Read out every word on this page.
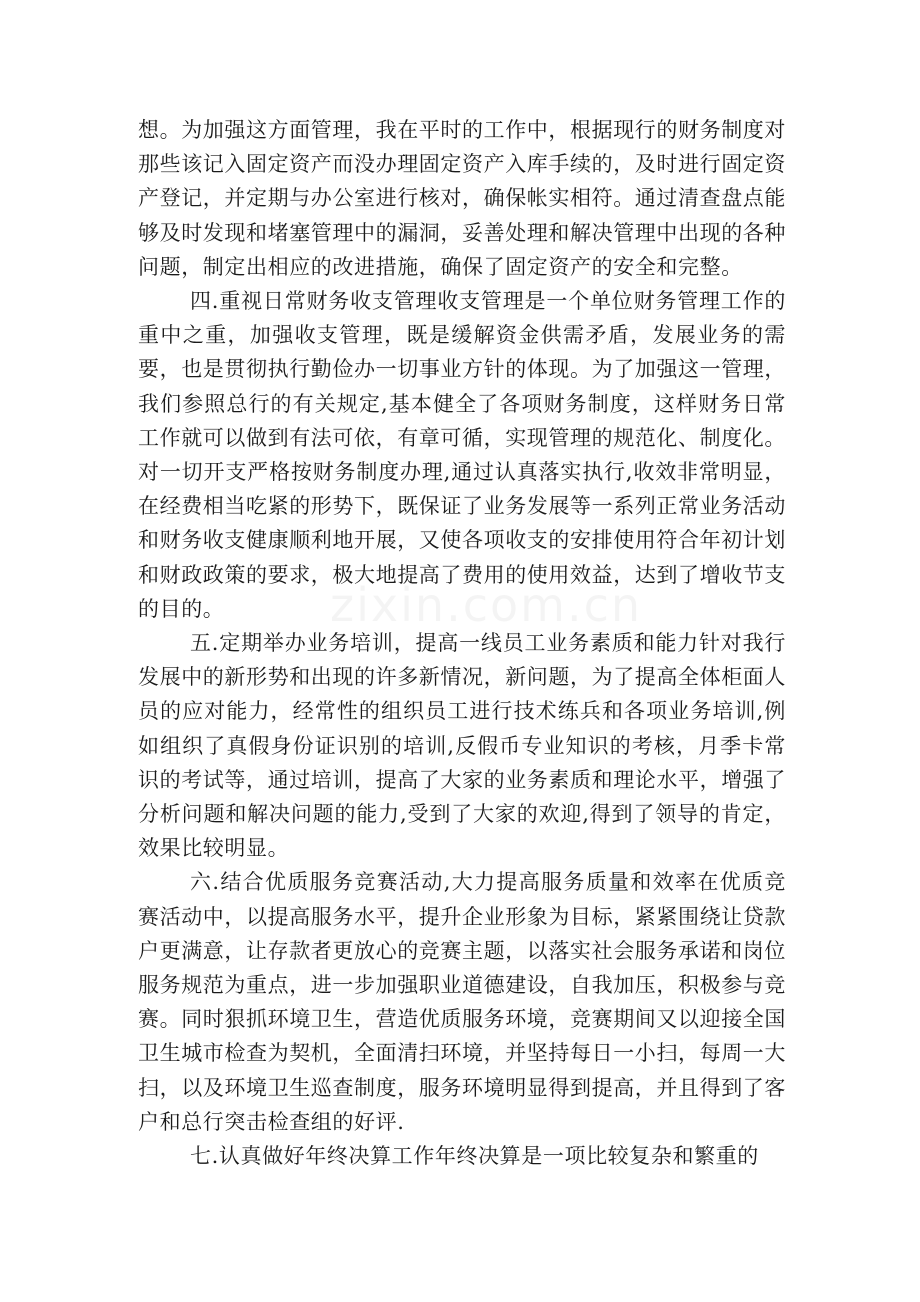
想。为加强这方面管理，我在平时的工作中，根据现行的财务制度对那些该记入固定资产而没办理固定资产入库手续的，及时进行固定资产登记，并定期与办公室进行核对，确保帐实相符。通过清查盘点能够及时发现和堵塞管理中的漏洞，妥善处理和解决管理中出现的各种问题，制定出相应的改进措施，确保了固定资产的安全和完整。

四.重视日常财务收支管理收支管理是一个单位财务管理工作的重中之重，加强收支管理，既是缓解资金供需矛盾，发展业务的需要，也是贯彻执行勤俭办一切事业方针的体现。为了加强这一管理，我们参照总行的有关规定,基本健全了各项财务制度，这样财务日常工作就可以做到有法可依，有章可循，实现管理的规范化、制度化。对一切开支严格按财务制度办理,通过认真落实执行,收效非常明显，在经费相当吃紧的形势下，既保证了业务发展等一系列正常业务活动和财务收支健康顺利地开展，又使各项收支的安排使用符合年初计划和财政政策的要求，极大地提高了费用的使用效益，达到了增收节支的目的。

五.定期举办业务培训，提高一线员工业务素质和能力针对我行发展中的新形势和出现的许多新情况，新问题，为了提高全体柜面人员的应对能力，经常性的组织员工进行技术练兵和各项业务培训,例如组织了真假身份证识别的培训,反假币专业知识的考核，月季卡常识的考试等，通过培训，提高了大家的业务素质和理论水平，增强了分析问题和解决问题的能力,受到了大家的欢迎,得到了领导的肯定，效果比较明显。

六.结合优质服务竞赛活动,大力提高服务质量和效率在优质竞赛活动中，以提高服务水平，提升企业形象为目标，紧紧围绕让贷款户更满意，让存款者更放心的竞赛主题，以落实社会服务承诺和岗位服务规范为重点，进一步加强职业道德建设，自我加压，积极参与竞赛。同时狠抓环境卫生，营造优质服务环境，竞赛期间又以迎接全国卫生城市检查为契机，全面清扫环境，并坚持每日一小扫，每周一大扫，以及环境卫生巡查制度，服务环境明显得到提高，并且得到了客户和总行突击检查组的好评.

七.认真做好年终决算工作年终决算是一项比较复杂和繁重的
